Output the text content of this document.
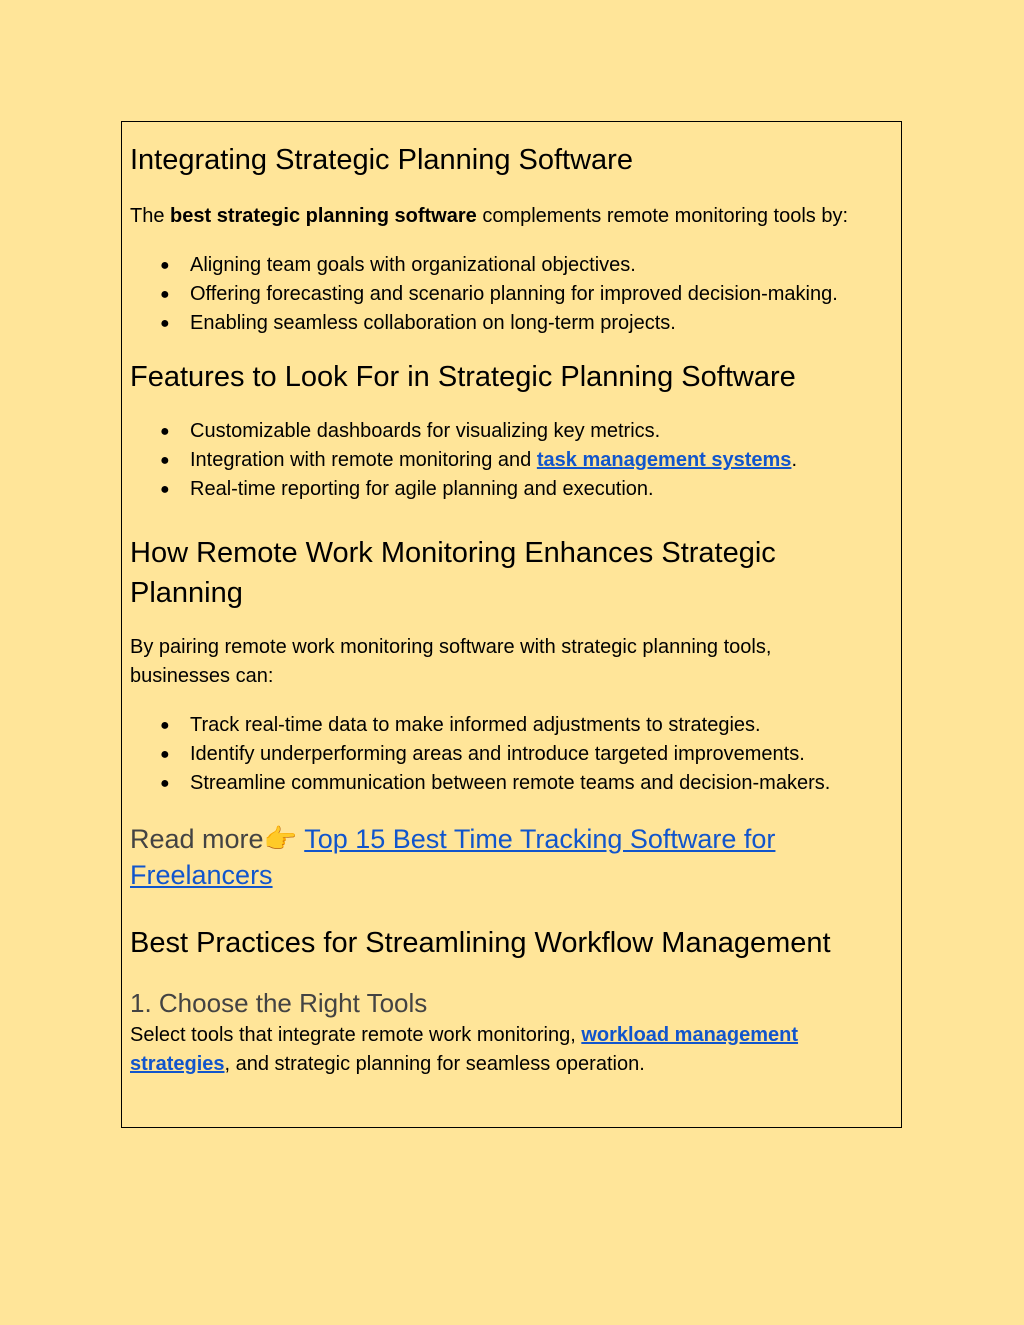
Integrating Strategic Planning Software

The best strategic planning software complements remote monitoring tools by:

● Aligning team goals with organizational objectives.
● Offering forecasting and scenario planning for improved decision-making.
● Enabling seamless collaboration on long-term projects.
Features to Look For in Strategic Planning Software
● Customizable dashboards for visualizing key metrics.
● Integration with remote monitoring and task management systems.
● Real-time reporting for agile planning and execution.
How Remote Work Monitoring Enhances Strategic Planning

By pairing remote work monitoring software with strategic planning tools, businesses can:

● Track real-time data to make informed adjustments to strategies.
● Identify underperforming areas and introduce targeted improvements.
● Streamline communication between remote teams and decision-makers.

Read more👉 Top 15 Best Time Tracking Software for Freelancers

Best Practices for Streamlining Workflow Management
1. Choose the Right Tools

Select tools that integrate remote work monitoring, workload management strategies, and strategic planning for seamless operation.
